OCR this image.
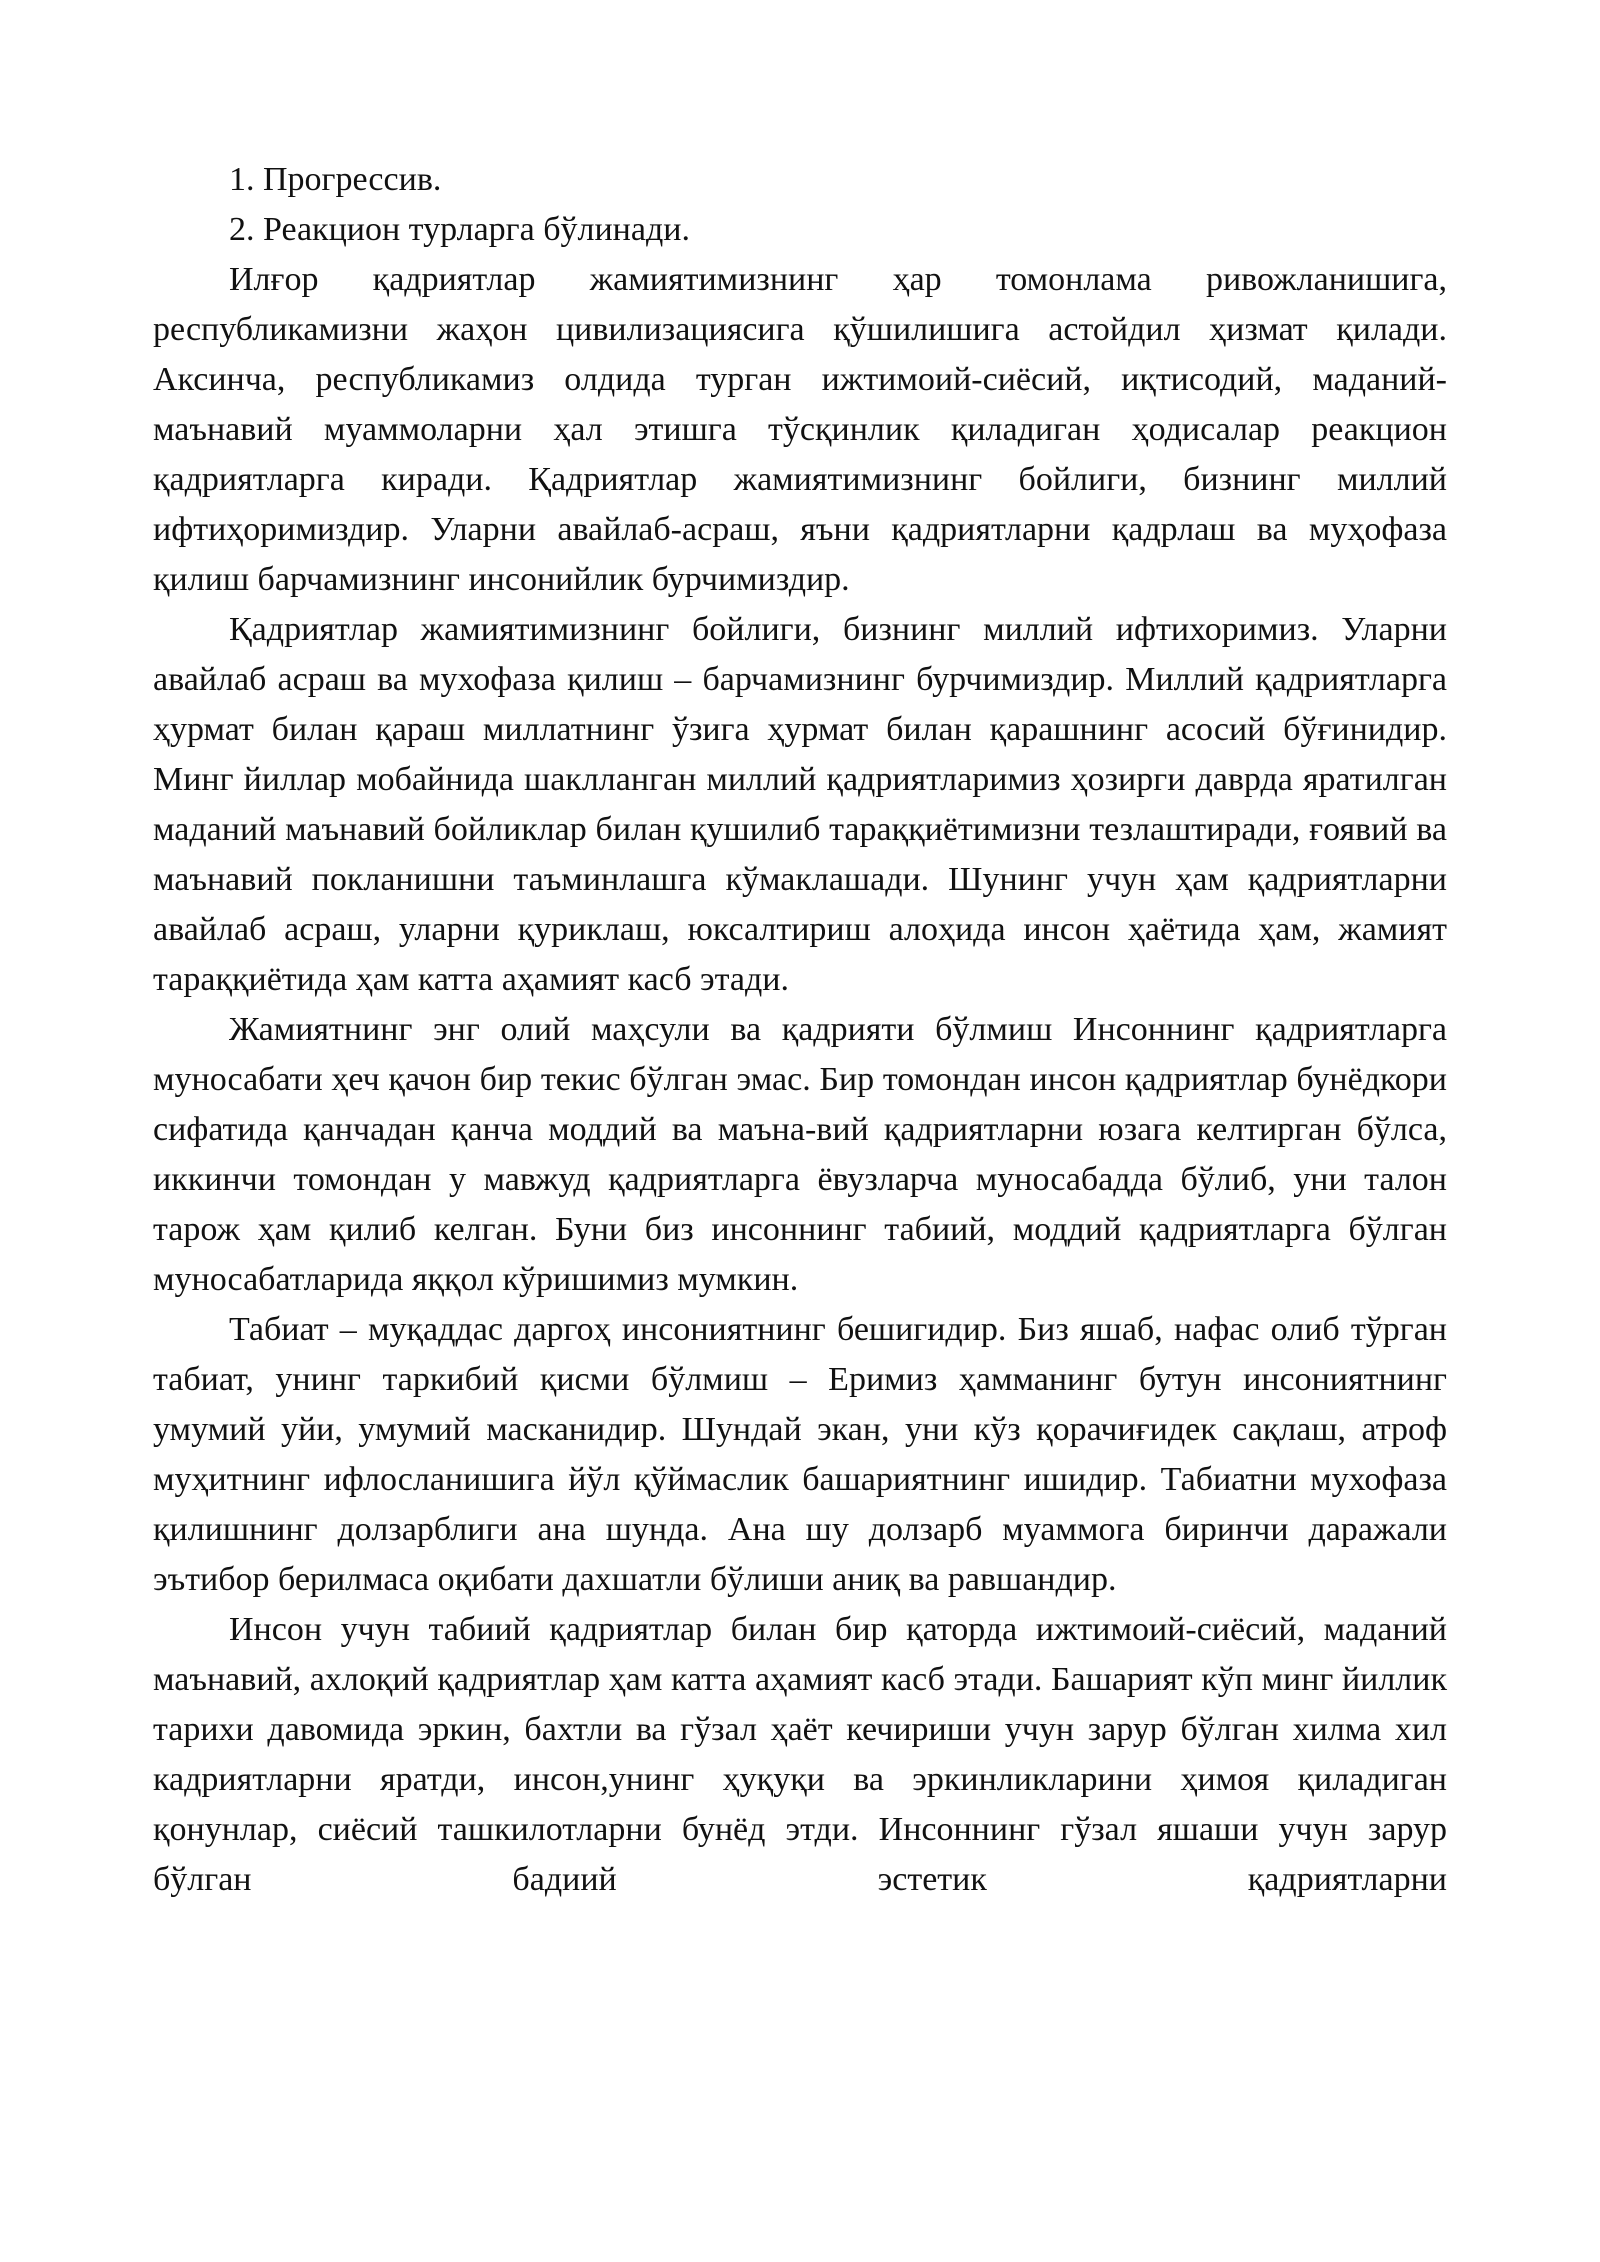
1. Прогрессив.

2. Реакцион турларга бўлинади.

Илғор қадриятлар жамиятимизнинг ҳар томонлама ривожланишига, республикамизни жаҳон цивилизациясига қўшилишига астойдил ҳизмат қилади. Аксинча, республикамиз олдида турган ижтимоий-сиёсий, иқтисодий, маданий-маънавий муаммоларни ҳал этишга тўсқинлик қиладиган ҳодисалар реакцион қадриятларга киради. Қадриятлар жамиятимизнинг бойлиги, бизнинг миллий ифтиҳоримиздир. Уларни авайлаб-асраш, яъни қадриятларни қадрлаш ва муҳофаза қилиш барчамизнинг инсонийлик бурчимиздир.

Қадриятлар жамиятимизнинг бойлиги, бизнинг миллий ифтихоримиз. Уларни авайлаб асраш ва мухофаза қилиш – барчамизнинг бурчимиздир. Миллий қадриятларга ҳурмат билан қараш миллатнинг ўзига ҳурмат билан қарашнинг асосий бўғинидир. Минг йиллар мобайнида шаклланган миллий қадриятларимиз ҳозирги даврда яратилган маданий маънавий бойликлар билан қушилиб тараққиётимизни тезлаштиради, ғоявий ва маънавий покланишни таъминлашга кўмаклашади. Шунинг учун ҳам қадриятларни авайлаб асраш, уларни қуриклаш, юксалтириш алоҳида инсон ҳаётида ҳам, жамият тараққиётида ҳам катта аҳамият касб этади.

Жамиятнинг энг олий маҳсули ва қадрияти бўлмиш Инсоннинг қадриятларга муносабати ҳеч қачон бир текис бўлган эмас. Бир томондан инсон қадриятлар бунёдкори сифатида қанчадан қанча моддий ва маъна-вий қадриятларни юзага келтирган бўлса, иккинчи томондан у мавжуд қадриятларга ёвузларча муносабадда бўлиб, уни талон тарож ҳам қилиб келган. Буни биз инсоннинг табиий, моддий қадриятларга бўлган муносабатларида яққол кўришимиз мумкин.

Табиат – муқаддас даргоҳ инсониятнинг бешигидир. Биз яшаб, нафас олиб тўрган табиат, унинг таркибий қисми бўлмиш – Еримиз ҳамманинг бутун инсониятнинг умумий уйи, умумий масканидир. Шундай экан, уни кўз қорачиғидек сақлаш, атроф муҳитнинг ифлосланишига йўл қўймаслик башариятнинг ишидир. Табиатни мухофаза қилишнинг долзарблиги ана шунда. Ана шу долзарб муаммога биринчи даражали эътибор берилмаса оқибати дахшатли бўлиши аниқ ва равшандир.

Инсон учун табиий қадриятлар билан бир қаторда ижтимоий-сиёсий, маданий маънавий, ахлоқий қадриятлар ҳам катта аҳамият касб этади. Башарият кўп минг йиллик тарихи давомида эркин, бахтли ва гўзал ҳаёт кечириши учун зарур бўлган хилма хил кадриятларни яратди, инсон,унинг ҳуқуқи ва эркинликларини ҳимоя қиладиган қонунлар, сиёсий ташкилотларни бунёд этди. Инсоннинг гўзал яшаши учун зарур бўлган бадиий эстетик қадриятларни
